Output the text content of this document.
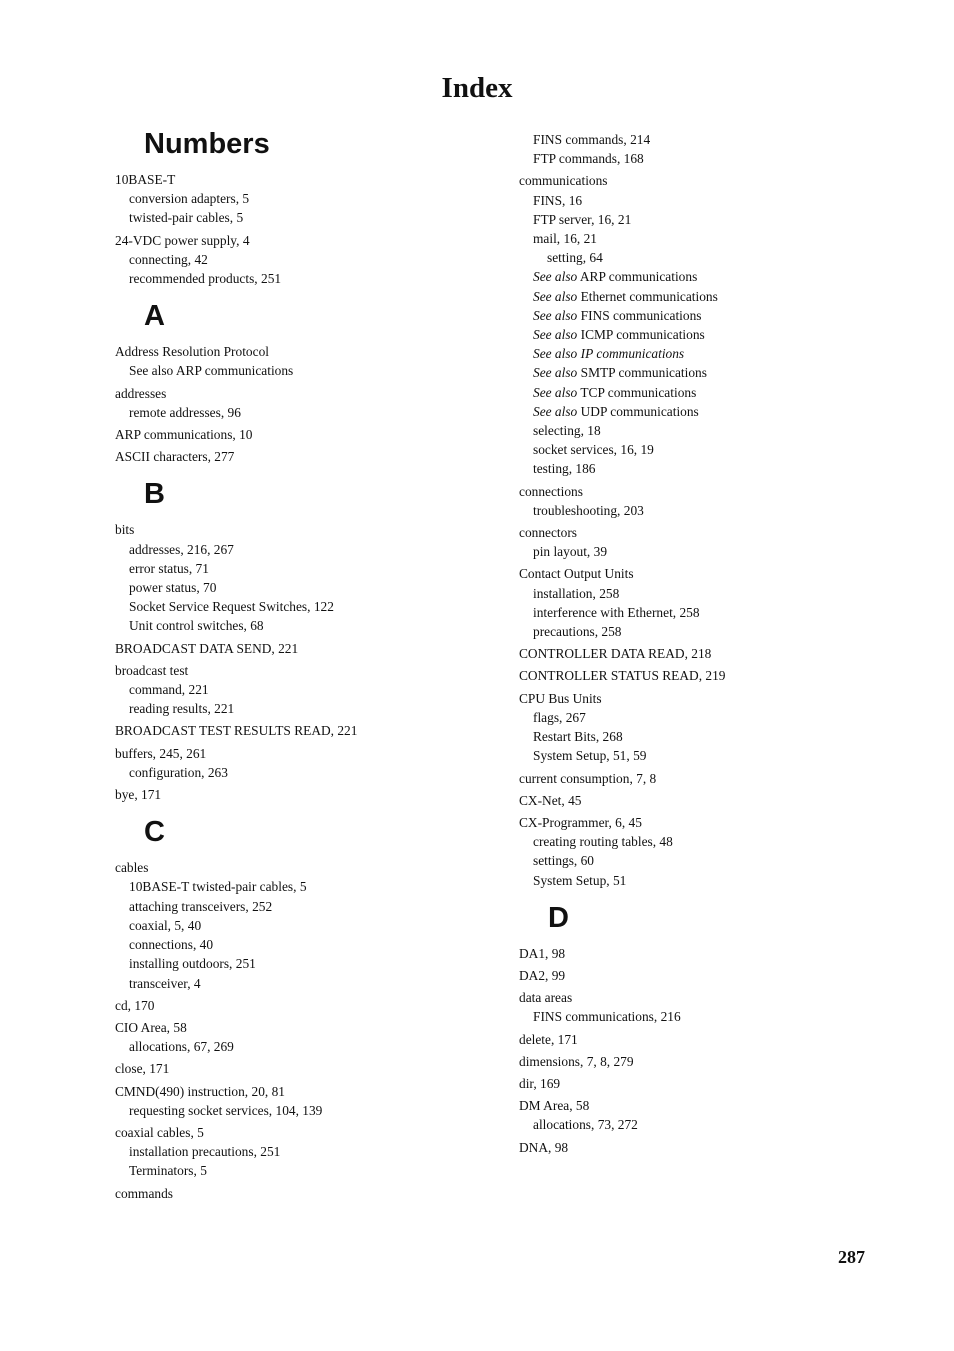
Index
Numbers
10BASE-T
conversion adapters, 5
twisted-pair cables, 5
24-VDC power supply, 4
connecting, 42
recommended products, 251
A
Address Resolution Protocol
See also ARP communications
addresses
remote addresses, 96
ARP communications, 10
ASCII characters, 277
B
bits
addresses, 216, 267
error status, 71
power status, 70
Socket Service Request Switches, 122
Unit control switches, 68
BROADCAST DATA SEND, 221
broadcast test
command, 221
reading results, 221
BROADCAST TEST RESULTS READ, 221
buffers, 245, 261
configuration, 263
bye, 171
C
cables
10BASE-T twisted-pair cables, 5
attaching transceivers, 252
coaxial, 5, 40
connections, 40
installing outdoors, 251
transceiver, 4
cd, 170
CIO Area, 58
allocations, 67, 269
close, 171
CMND(490) instruction, 20, 81
requesting socket services, 104, 139
coaxial cables, 5
installation precautions, 251
Terminators, 5
commands
FINS commands, 214
FTP commands, 168
communications
FINS, 16
FTP server, 16, 21
mail, 16, 21
setting, 64
See also ARP communications
See also Ethernet communications
See also FINS communications
See also ICMP communications
See also IP communications
See also SMTP communications
See also TCP communications
See also UDP communications
selecting, 18
socket services, 16, 19
testing, 186
connections
troubleshooting, 203
connectors
pin layout, 39
Contact Output Units
installation, 258
interference with Ethernet, 258
precautions, 258
CONTROLLER DATA READ, 218
CONTROLLER STATUS READ, 219
CPU Bus Units
flags, 267
Restart Bits, 268
System Setup, 51, 59
current consumption, 7, 8
CX-Net, 45
CX-Programmer, 6, 45
creating routing tables, 48
settings, 60
System Setup, 51
D
DA1, 98
DA2, 99
data areas
FINS communications, 216
delete, 171
dimensions, 7, 8, 279
dir, 169
DM Area, 58
allocations, 73, 272
DNA, 98
287
